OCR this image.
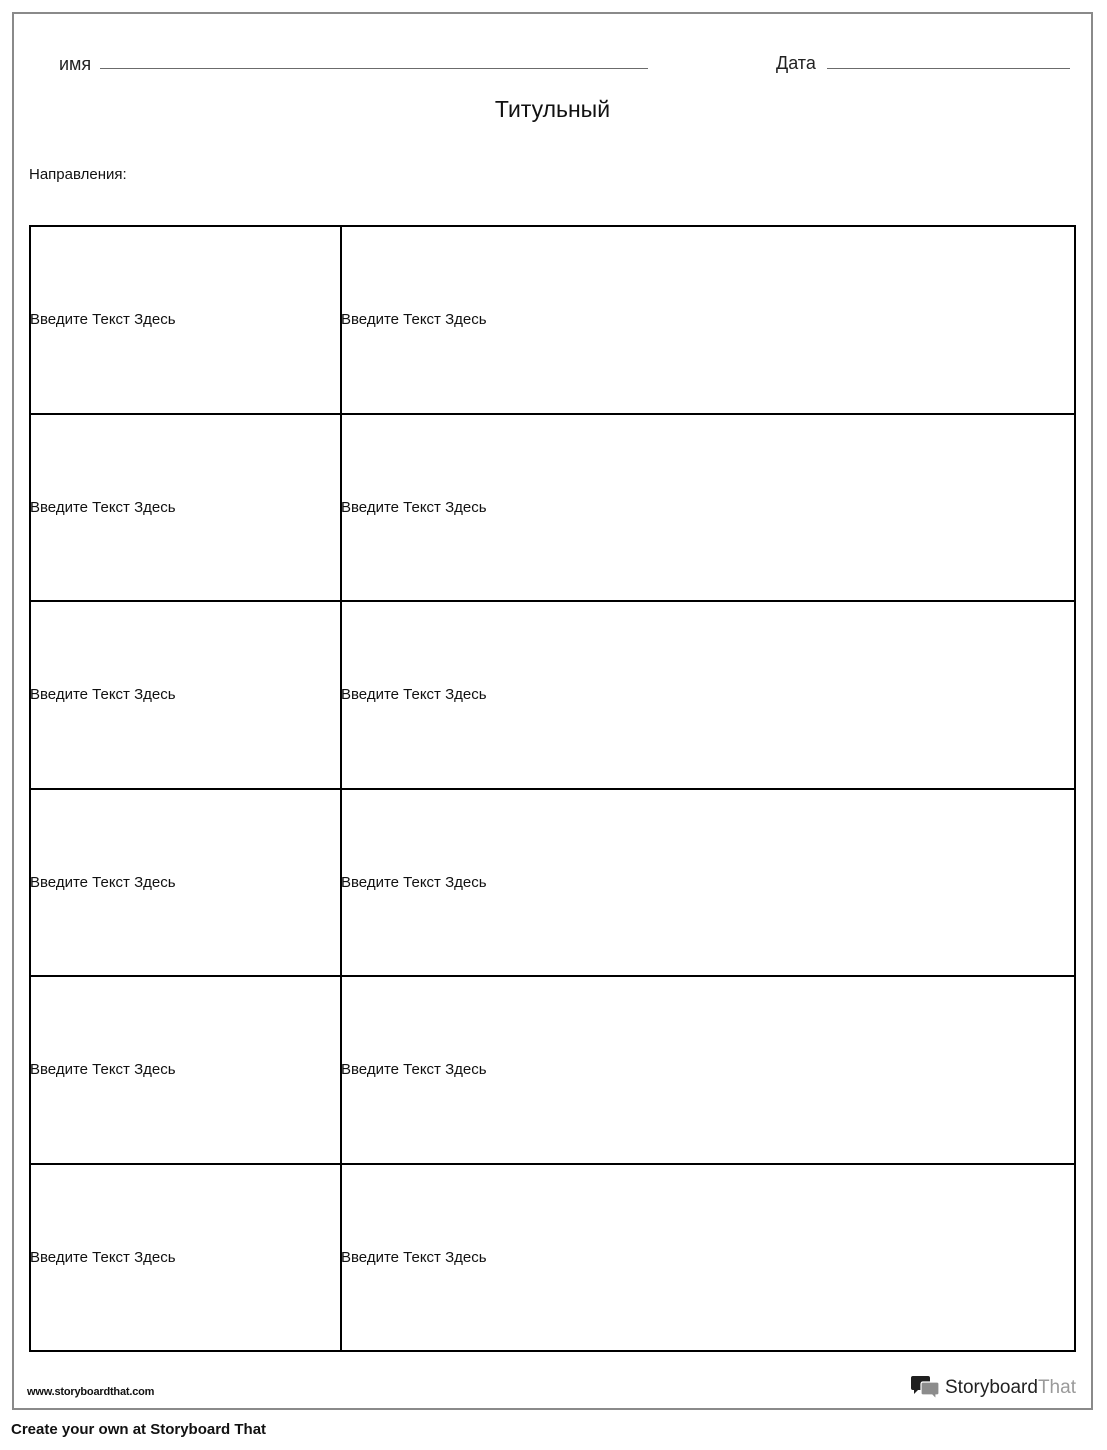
имя	Дата
Титульный
Направления:
Введите Текст Здесь	Введите Текст Здесь

Введите Текст Здесь	Введите Текст Здесь

Введите Текст Здесь	Введите Текст Здесь

Введите Текст Здесь	Введите Текст Здесь

Введите Текст Здесь	Введите Текст Здесь

Введите Текст Здесь	Введите Текст Здесь
www.storyboardthat.com	Storyboard That
Create your own at Storyboard That
